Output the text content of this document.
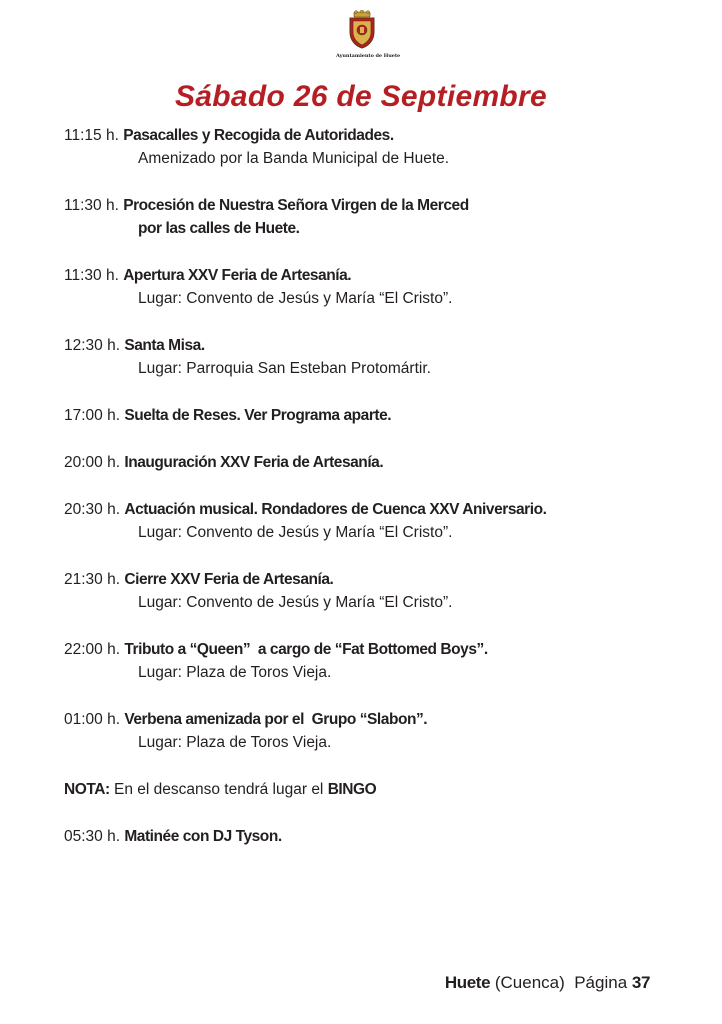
Ayuntamiento de Huete
Sábado 26 de Septiembre
11:15 h. Pasacalles y Recogida de Autoridades.
Amenizado por la Banda Municipal de Huete.
11:30 h. Procesión de Nuestra Señora Virgen de la Merced
por las calles de Huete.
11:30 h. Apertura XXV Feria de Artesanía.
Lugar: Convento de Jesús y María “El Cristo”.
12:30 h. Santa Misa.
Lugar: Parroquia San Esteban Protomártir.
17:00 h. Suelta de Reses. Ver Programa aparte.
20:00 h. Inauguración XXV Feria de Artesanía.
20:30 h. Actuación musical. Rondadores de Cuenca XXV Aniversario.
Lugar: Convento de Jesús y María “El Cristo”.
21:30 h. Cierre XXV Feria de Artesanía.
Lugar: Convento de Jesús y María “El Cristo”.
22:00 h. Tributo a “Queen”  a cargo de “Fat Bottomed Boys”.
Lugar: Plaza de Toros Vieja.
01:00 h. Verbena amenizada por el  Grupo “Slabon”.
Lugar: Plaza de Toros Vieja.
NOTA: En el descanso tendrá lugar el BINGO
05:30 h. Matinée con DJ Tyson.
Huete (Cuenca)  Página 37
